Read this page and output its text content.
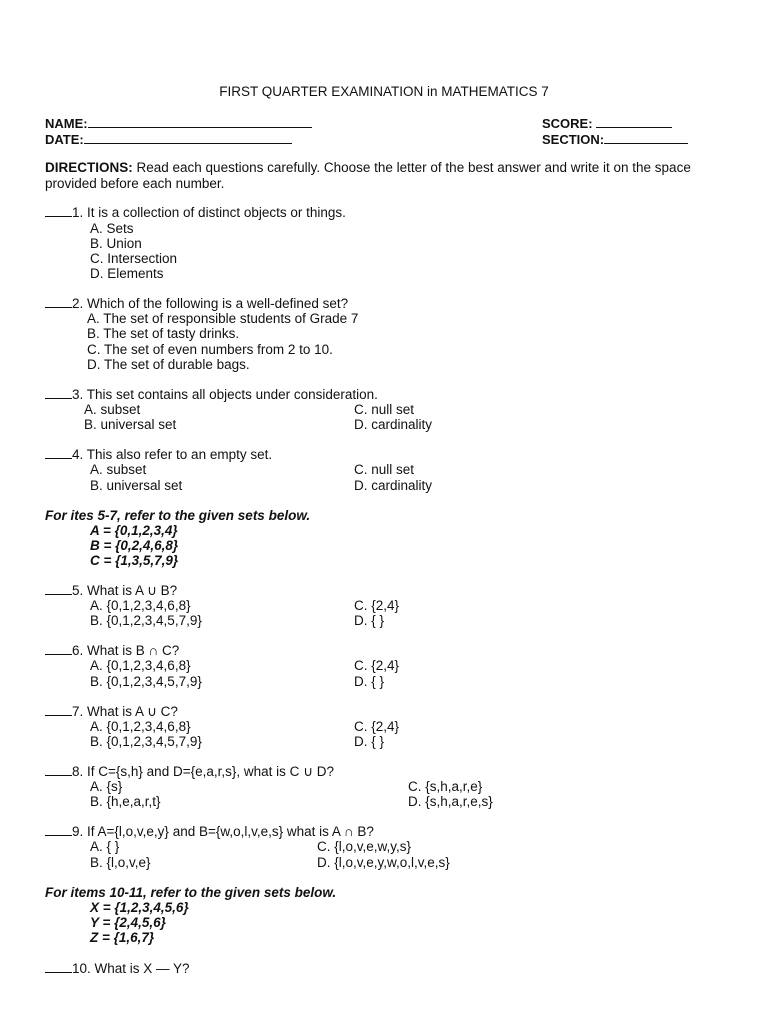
FIRST QUARTER EXAMINATION in MATHEMATICS 7
NAME:
DATE:
SCORE:
SECTION:
DIRECTIONS: Read each questions carefully. Choose the letter of the best answer and write it on the space provided before each number.
1. It is a collection of distinct objects or things.
A. Sets
B. Union
C. Intersection
D. Elements
2. Which of the following is a well-defined set?
A. The set of responsible students of Grade 7
B. The set of tasty drinks.
C. The set of even numbers from 2 to 10.
D. The set of durable bags.
3. This set contains all objects under consideration.
A. subset	C. null set
B. universal set	D. cardinality
4. This also refer to an empty set.
A. subset	C. null set
B. universal set	D. cardinality
For ites 5-7, refer to the given sets below.
A = {0,1,2,3,4}
B = {0,2,4,6,8}
C = {1,3,5,7,9}
5. What is A ∪ B?
A. {0,1,2,3,4,6,8}	C. {2,4}
B. {0,1,2,3,4,5,7,9}	D. { }
6. What is B ∩ C?
A. {0,1,2,3,4,6,8}	C. {2,4}
B. {0,1,2,3,4,5,7,9}	D. { }
7. What is A ∪ C?
A. {0,1,2,3,4,6,8}	C. {2,4}
B. {0,1,2,3,4,5,7,9}	D. { }
8. If C={s,h} and D={e,a,r,s}, what is C ∪ D?
A. {s}	C. {s,h,a,r,e}
B. {h,e,a,r,t}	D. {s,h,a,r,e,s}
9. If A={l,o,v,e,y} and B={w,o,l,v,e,s} what is A ∩ B?
A. { }	C. {l,o,v,e,w,y,s}
B. {l,o,v,e}	D. {l,o,v,e,y,w,o,l,v,e,s}
For items 10-11, refer to the given sets below.
X = {1,2,3,4,5,6}
Y = {2,4,5,6}
Z = {1,6,7}
10. What is X — Y?
